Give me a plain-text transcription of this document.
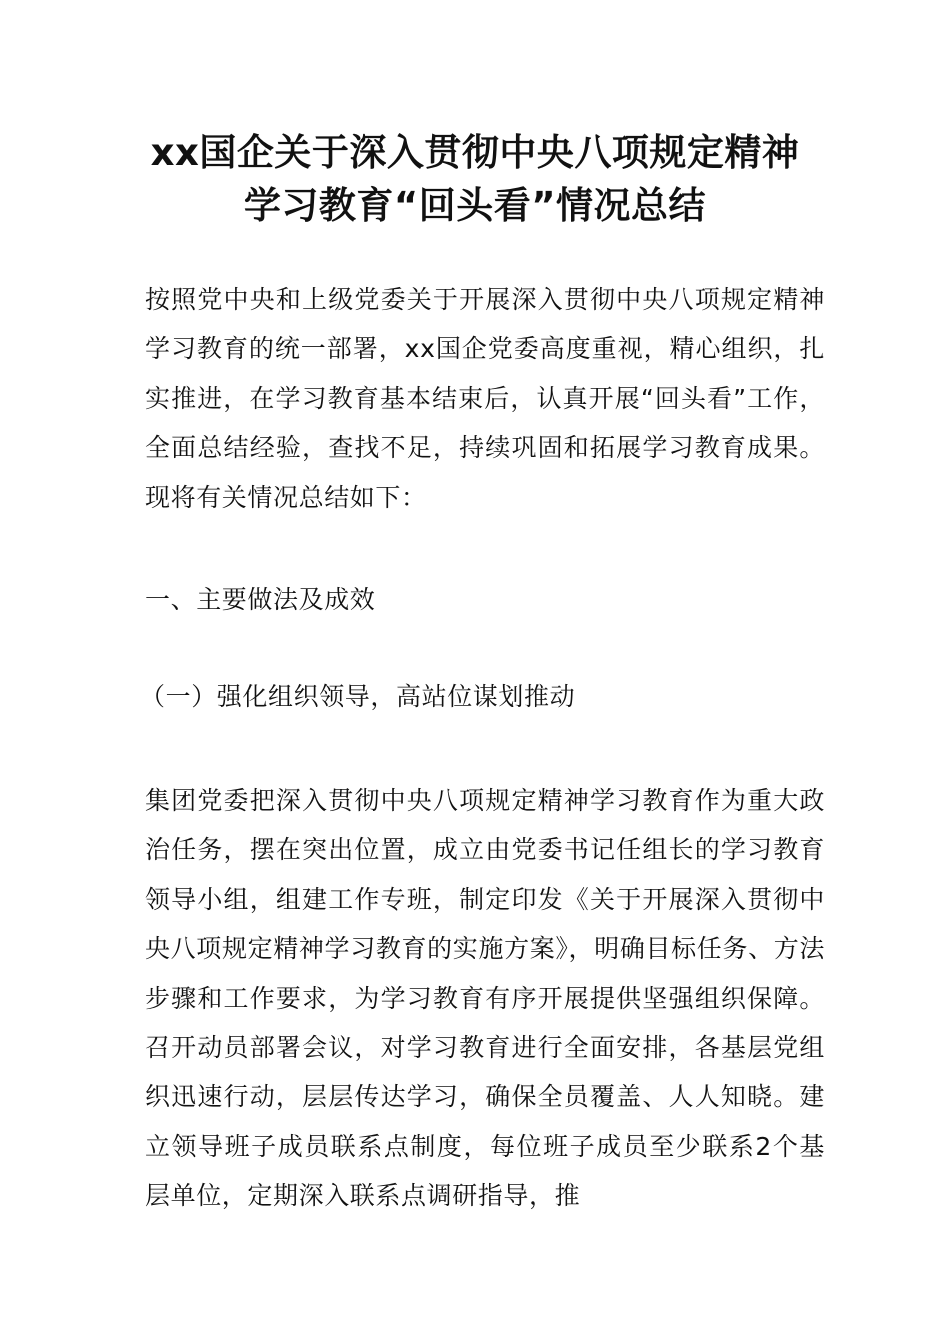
xx国企关于深入贯彻中央八项规定精神
学习教育“回头看”情况总结

按照党中央和上级党委关于开展深入贯彻中央八项规定精神学习教育的统一部署，xx国企党委高度重视，精心组织，扎实推进，在学习教育基本结束后，认真开展“回头看”工作，全面总结经验，查找不足，持续巩固和拓展学习教育成果。现将有关情况总结如下：

一、主要做法及成效

（一）强化组织领导，高站位谋划推动

集团党委把深入贯彻中央八项规定精神学习教育作为重大政治任务，摆在突出位置，成立由党委书记任组长的学习教育领导小组，组建工作专班，制定印发《关于开展深入贯彻中央八项规定精神学习教育的实施方案》，明确目标任务、方法步骤和工作要求，为学习教育有序开展提供坚强组织保障。召开动员部署会议，对学习教育进行全面安排，各基层党组织迅速行动，层层传达学习，确保全员覆盖、人人知晓。建立领导班子成员联系点制度，每位班子成员至少联系2个基层单位，定期深入联系点调研指导，推
